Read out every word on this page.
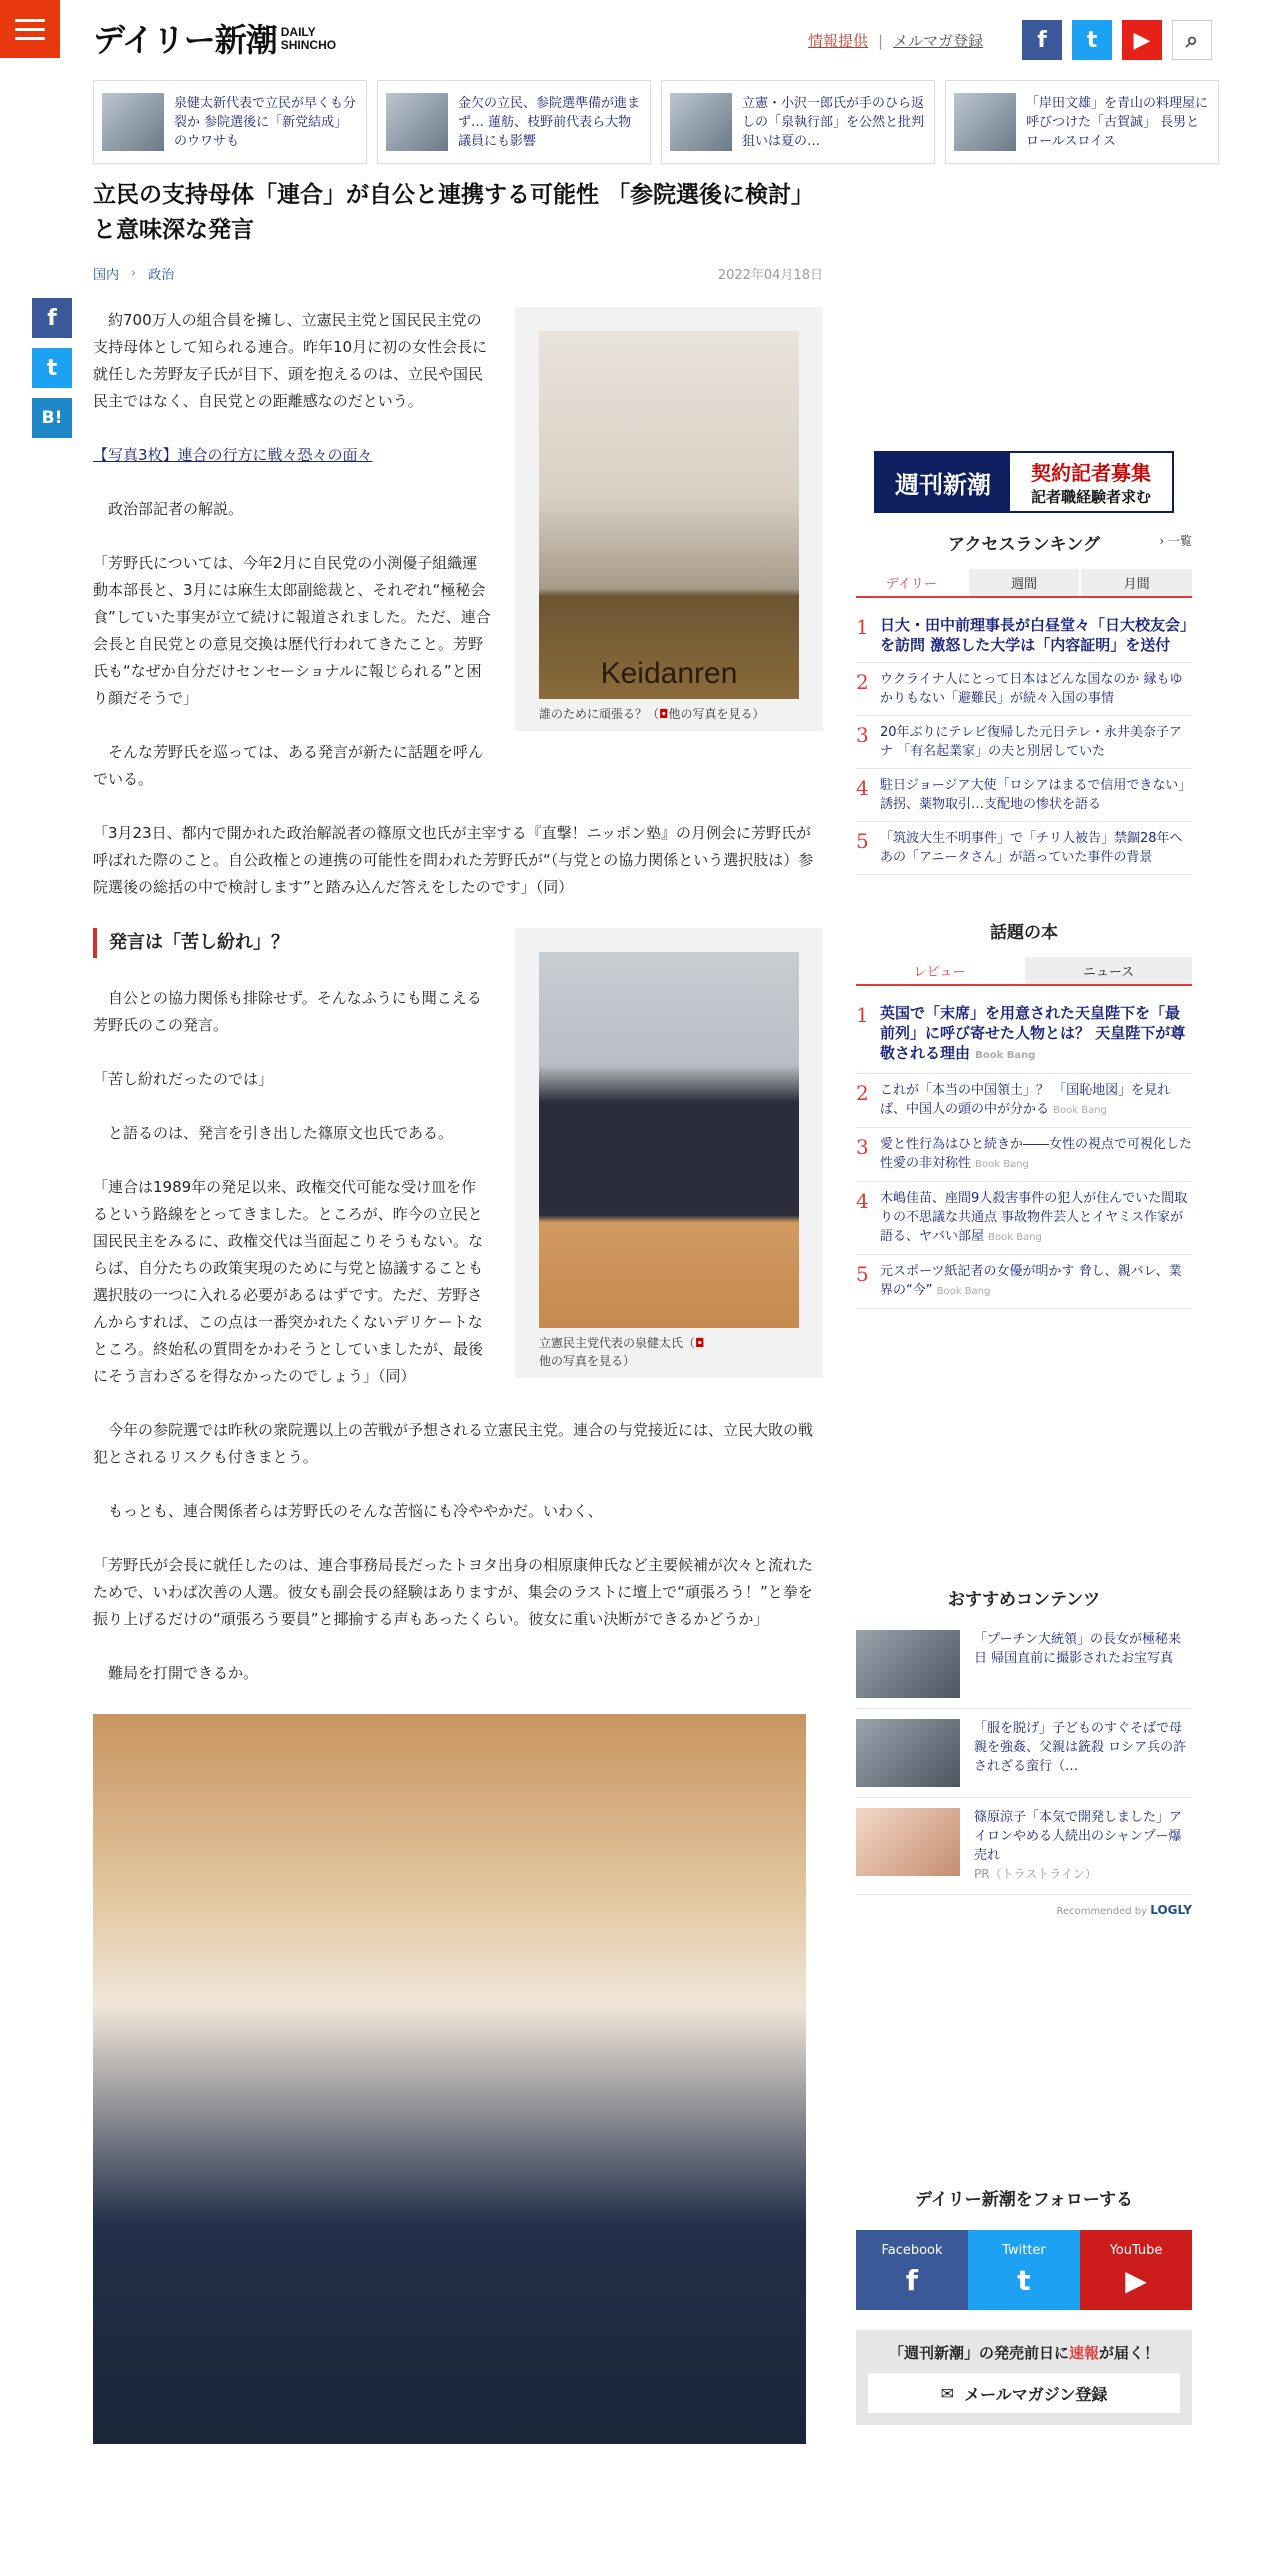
デイリー新潮 DAILY
SHINCHO	情報提供 | メルマガ登録	f	t	▶	⌕
泉健太新代表で立民が早くも分裂か 参院選後に「新党結成」のウワサも
金欠の立民、参院選準備が進まず… 蓮舫、枝野前代表ら大物議員にも影響
立憲・小沢一郎氏が手のひら返しの「泉執行部」を公然と批判 狙いは夏の…
「岸田文雄」を青山の料理屋に呼びつけた「古賀誠」 長男とロールスロイス
f
t
B!
立民の支持母体「連合」が自公と連携する可能性 「参院選後に検討」と意味深な発言
国内 › 政治	2022年04月18日
Keidanren
誰のために頑張る？（◘他の写真を見る）

約700万人の組合員を擁し、立憲民主党と国民民主党の支持母体として知られる連合。昨年10月に初の女性会長に就任した芳野友子氏が目下、頭を抱えるのは、立民や国民民主ではなく、自民党との距離感なのだという。

【写真3枚】連合の行方に戦々恐々の面々

政治部記者の解説。

「芳野氏については、今年2月に自民党の小渕優子組織運動本部長と、3月には麻生太郎副総裁と、それぞれ“極秘会食”していた事実が立て続けに報道されました。ただ、連合会長と自民党との意見交換は歴代行われてきたこと。芳野氏も“なぜか自分だけセンセーショナルに報じられる”と困り顔だそうで」

そんな芳野氏を巡っては、ある発言が新たに話題を呼んでいる。

「3月23日、都内で開かれた政治解説者の篠原文也氏が主宰する『直撃！ニッポン塾』の月例会に芳野氏が呼ばれた際のこと。自公政権との連携の可能性を問われた芳野氏が“（与党との協力関係という選択肢は）参院選後の総括の中で検討します”と踏み込んだ答えをしたのです」（同）

立憲民主党代表の泉健太氏（◘他の写真を見る）
発言は「苦し紛れ」？

自公との協力関係も排除せず。そんなふうにも聞こえる芳野氏のこの発言。

「苦し紛れだったのでは」

と語るのは、発言を引き出した篠原文也氏である。

「連合は1989年の発足以来、政権交代可能な受け皿を作るという路線をとってきました。ところが、昨今の立民と国民民主をみるに、政権交代は当面起こりそうもない。ならば、自分たちの政策実現のために与党と協議することも選択肢の一つに入れる必要があるはずです。ただ、芳野さんからすれば、この点は一番突かれたくないデリケートなところ。終始私の質問をかわそうとしていましたが、最後にそう言わざるを得なかったのでしょう」（同）

今年の参院選では昨秋の衆院選以上の苦戦が予想される立憲民主党。連合の与党接近には、立民大敗の戦犯とされるリスクも付きまとう。

もっとも、連合関係者らは芳野氏のそんな苦悩にも冷ややかだ。いわく、

「芳野氏が会長に就任したのは、連合事務局長だったトヨタ出身の相原康伸氏など主要候補が次々と流れたためで、いわば次善の人選。彼女も副会長の経験はありますが、集会のラストに壇上で“頑張ろう！”と拳を振り上げるだけの“頑張ろう要員”と揶揄する声もあったくらい。彼女に重い決断ができるかどうか」

難局を打開できるか。

週刊新潮	契約記者募集
記者職経験者求む
アクセスランキング	› 一覧
デイリー	週間	月間
1 日大・田中前理事長が白昼堂々「日大校友会」を訪問 激怒した大学は「内容証明」を送付
2 ウクライナ人にとって日本はどんな国なのか 縁もゆかりもない「避難民」が続々入国の事情
3 20年ぶりにテレビ復帰した元日テレ・永井美奈子アナ 「有名起業家」の夫と別居していた
4 駐日ジョージア大使「ロシアはまるで信用できない」 誘拐、薬物取引…支配地の惨状を語る
5 「筑波大生不明事件」で「チリ人被告」禁錮28年へ あの「アニータさん」が語っていた事件の背景
話題の本
レビュー	ニュース
1 英国で「末席」を用意された天皇陛下を「最前列」に呼び寄せた人物とは？ 天皇陛下が尊敬される理由 Book Bang
2 これが「本当の中国領土」？ 「国恥地図」を見れば、中国人の頭の中が分かる Book Bang
3 愛と性行為はひと続きか――女性の視点で可視化した性愛の非対称性 Book Bang
4 木嶋佳苗、座間9人殺害事件の犯人が住んでいた間取りの不思議な共通点 事故物件芸人とイヤミス作家が語る、ヤバい部屋 Book Bang
5 元スポーツ紙記者の女優が明かす 脅し、親バレ、業界の“今” Book Bang
おすすめコンテンツ
「プーチン大統領」の長女が極秘来日 帰国直前に撮影されたお宝写真
「服を脱げ」子どものすぐそばで母親を強姦、父親は銃殺 ロシア兵の許されざる蛮行（…
篠原涼子「本気で開発しました」アイロンやめる人続出のシャンプー爆売れ
PR（トラストライン）
Recommended by LOGLY
デイリー新潮をフォローする
Facebook
f
Twitter
t
YouTube
▶
「週刊新潮」の発売前日に速報が届く！
✉ メールマガジン登録
